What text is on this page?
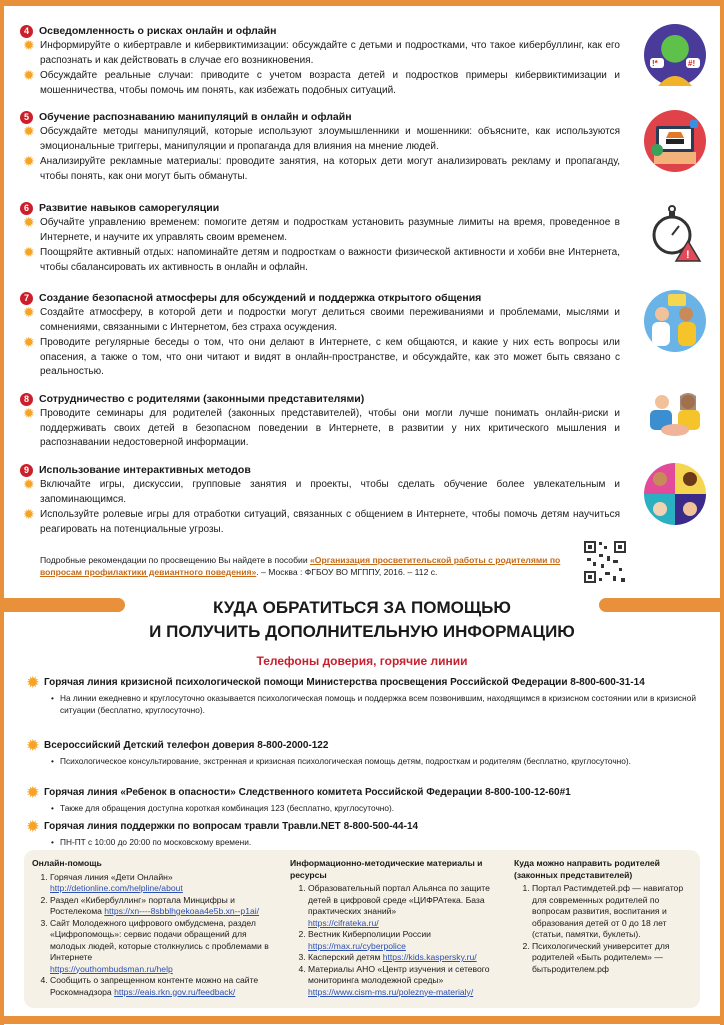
4 Осведомленность о рисках онлайн и офлайн
✹ Информируйте о кибертравле и кибервиктимизации: обсуждайте с детьми и подростками, что такое кибербуллинг, как его распознать и как действовать в случае его возникновения.
✹ Обсуждайте реальные случаи: приводите с учетом возраста детей и подростков примеры кибервиктимизации и мошенничества, чтобы помочь им понять, как избежать подобных ситуаций.
!*	#!
5 Обучение распознаванию манипуляций в онлайн и офлайн
✹ Обсуждайте методы манипуляций, которые используют злоумышленники и мошенники: объясните, как используются эмоциональные триггеры, манипуляции и пропаганда для влияния на мнение людей.
✹ Анализируйте рекламные материалы: проводите занятия, на которых дети могут анализировать рекламу и пропаганду, чтобы понять, как они могут быть обмануты.
6 Развитие навыков саморегуляции
✹ Обучайте управлению временем: помогите детям и подросткам установить разумные лимиты на время, проведенное в Интернете, и научите их управлять своим временем.
✹ Поощряйте активный отдых: напоминайте детям и подросткам о важности физической активности и хобби вне Интернета, чтобы сбалансировать их активность в онлайн и офлайн.
!
7 Создание безопасной атмосферы для обсуждений и поддержка открытого общения
✹ Создайте атмосферу, в которой дети и подростки могут делиться своими переживаниями и проблемами, мыслями и сомнениями, связанными с Интернетом, без страха осуждения.
✹ Проводите регулярные беседы о том, что они делают в Интернете, с кем общаются, и какие у них есть вопросы или опасения, а также о том, что они читают и видят в онлайн-пространстве, и обсуждайте, как это может быть связано с реальностью.
8 Сотрудничество с родителями (законными представителями)
✹ Проводите семинары для родителей (законных представителей), чтобы они могли лучше понимать онлайн-риски и поддерживать своих детей в безопасном поведении в Интернете, в развитии у них критического мышления и распознавании недостоверной информации.
9 Использование интерактивных методов
✹ Включайте игры, дискуссии, групповые занятия и проекты, чтобы сделать обучение более увлекательным и запоминающимся.
✹ Используйте ролевые игры для отработки ситуаций, связанных с общением в Интернете, чтобы помочь детям научиться реагировать на потенциальные угрозы.
Подробные рекомендации по просвещению Вы найдете в пособии «Организация просветительской работы с родителями по вопросам профилактики девиантного поведения». – Москва : ФГБОУ ВО МГППУ, 2016. – 112 с.
КУДА ОБРАТИТЬСЯ ЗА ПОМОЩЬЮ
И ПОЛУЧИТЬ ДОПОЛНИТЕЛЬНУЮ ИНФОРМАЦИЮ
Телефоны доверия, горячие линии
✹ Горячая линия кризисной психологической помощи Министерства просвещения Российской Федерации 8-800-600-31-14
• На линии ежедневно и круглосуточно оказывается психологическая помощь и поддержка всем позвонившим, находящимся в кризисном состоянии или в кризисной ситуации (бесплатно, круглосуточно).
✹ Всероссийский Детский телефон доверия 8-800-2000-122
• Психологическое консультирование, экстренная и кризисная психологическая помощь детям, подросткам и родителям (бесплатно, круглосуточно).
✹ Горячая линия «Ребенок в опасности» Следственного комитета Российской Федерации 8-800-100-12-60#1
• Также для обращения доступна короткая комбинация 123 (бесплатно, круглосуточно).
✹ Горячая линия поддержки по вопросам травли Травли.NET 8-800-500-44-14
• ПН-ПТ с 10:00 до 20:00 по московскому времени.
Онлайн-помощь
1. Горячая линия «Дети Онлайн»
http://detionline.com/helpline/about
2. Раздел «Кибербуллинг» портала Минцифры и Ростелекома https://xn----8sbblhgekoaa4e5b.xn--p1ai/
3. Сайт Молодежного цифрового омбудсмена, раздел «Цифропомощь»: сервис подачи обращений для молодых людей, которые столкнулись с проблемами в Интернете
https://youthombudsman.ru/help
4. Сообщить о запрещенном контенте можно на сайте Роскомнадзора https://eais.rkn.gov.ru/feedback/
Информационно-методические материалы и ресурсы
1. Образовательный портал Альянса по защите детей в цифровой среде «ЦИФРАтека. База практических знаний»
https://cifrateka.ru/
2. Вестник Киберполиции России
https://max.ru/cyberpolice
3. Касперский детям https://kids.kaspersky.ru/
4. Материалы АНО «Центр изучения и сетевого мониторинга молодежной среды»
https://www.cism-ms.ru/poleznye-materialy/
Куда можно направить родителей (законных представителей)
1. Портал Растимдетей.рф — навигатор для современных родителей по вопросам развития, воспитания и образования детей от 0 до 18 лет (статьи, памятки, буклеты).
2. Психологический университет для родителей «Быть родителем» — бытьродителем.рф
